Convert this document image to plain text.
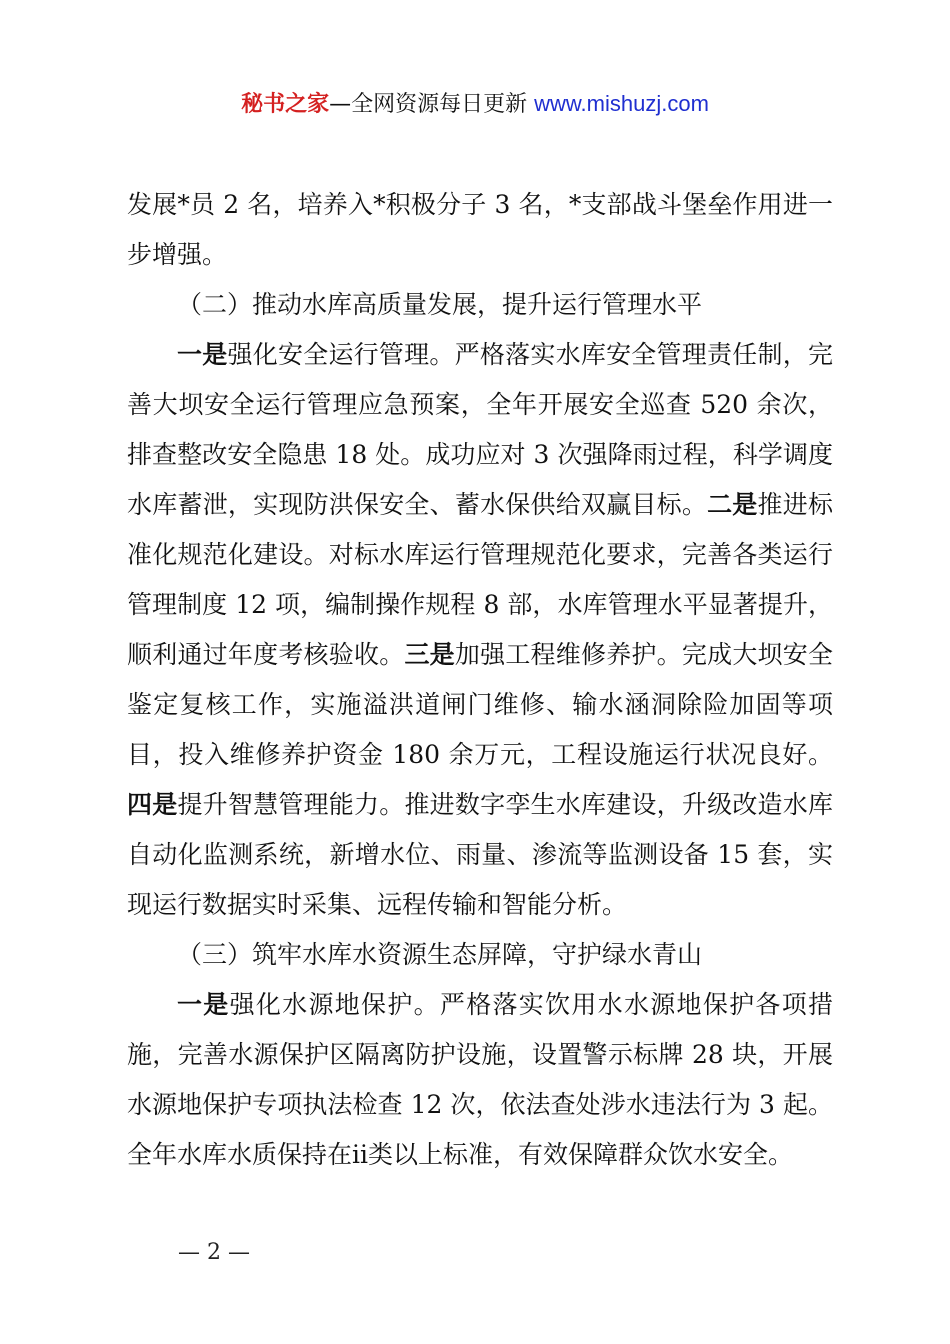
秘书之家—全网资源每日更新 www.mishuzj.com

发展*员 2 名，培养入*积极分子 3 名，*支部战斗堡垒作用进一步增强。

（二）推动水库高质量发展，提升运行管理水平

一是强化安全运行管理。严格落实水库安全管理责任制，完善大坝安全运行管理应急预案，全年开展安全巡查 520 余次，排查整改安全隐患 18 处。成功应对 3 次强降雨过程，科学调度水库蓄泄，实现防洪保安全、蓄水保供给双赢目标。二是推进标准化规范化建设。对标水库运行管理规范化要求，完善各类运行管理制度 12 项，编制操作规程 8 部，水库管理水平显著提升，顺利通过年度考核验收。三是加强工程维修养护。完成大坝安全鉴定复核工作，实施溢洪道闸门维修、输水涵洞除险加固等项目，投入维修养护资金 180 余万元，工程设施运行状况良好。四是提升智慧管理能力。推进数字孪生水库建设，升级改造水库自动化监测系统，新增水位、雨量、渗流等监测设备 15 套，实现运行数据实时采集、远程传输和智能分析。

（三）筑牢水库水资源生态屏障，守护绿水青山

一是强化水源地保护。严格落实饮用水水源地保护各项措施，完善水源保护区隔离防护设施，设置警示标牌 28 块，开展水源地保护专项执法检查 12 次，依法查处涉水违法行为 3 起。全年水库水质保持在ii类以上标准，有效保障群众饮水安全。

— 2 —
